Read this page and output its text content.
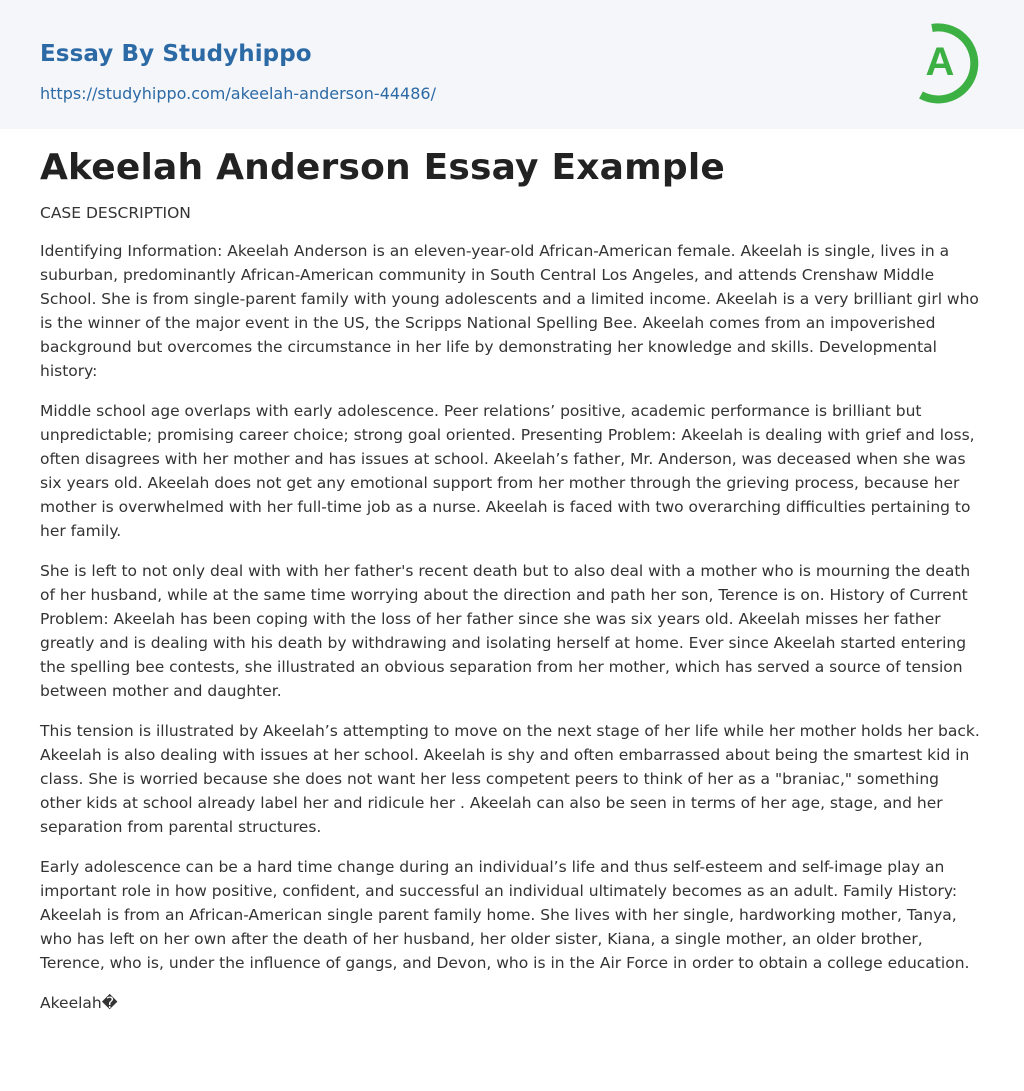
Essay By Studyhippo
https://studyhippo.com/akeelah-anderson-44486/
A
Akeelah Anderson Essay Example

CASE DESCRIPTION

Identifying Information: Akeelah Anderson is an eleven-year-old African-American female. Akeelah is single, lives in a suburban, predominantly African-American community in South Central Los Angeles, and attends Crenshaw Middle School. She is from single-parent family with young adolescents and a limited income. Akeelah is a very brilliant girl who is the winner of the major event in the US, the Scripps National Spelling Bee. Akeelah comes from an impoverished background but overcomes the circumstance in her life by demonstrating her knowledge and skills. Developmental history:

Middle school age overlaps with early adolescence. Peer relations’ positive, academic performance is brilliant but unpredictable; promising career choice; strong goal oriented. Presenting Problem: Akeelah is dealing with grief and loss, often disagrees with her mother and has issues at school. Akeelah’s father, Mr. Anderson, was deceased when she was six years old. Akeelah does not get any emotional support from her mother through the grieving process, because her mother is overwhelmed with her full-time job as a nurse. Akeelah is faced with two overarching difficulties pertaining to her family.

She is left to not only deal with with her father's recent death but to also deal with a mother who is mourning the death of her husband, while at the same time worrying about the direction and path her son, Terence is on. History of Current Problem: Akeelah has been coping with the loss of her father since she was six years old. Akeelah misses her father greatly and is dealing with his death by withdrawing and isolating herself at home. Ever since Akeelah started entering the spelling bee contests, she illustrated an obvious separation from her mother, which has served a source of tension between mother and daughter.

This tension is illustrated by Akeelah’s attempting to move on the next stage of her life while her mother holds her back. Akeelah is also dealing with issues at her school. Akeelah is shy and often embarrassed about being the smartest kid in class. She is worried because she does not want her less competent peers to think of her as a "braniac," something other kids at school already label her and ridicule her . Akeelah can also be seen in terms of her age, stage, and her separation from parental structures.

Early adolescence can be a hard time change during an individual’s life and thus self-esteem and self-image play an important role in how positive, confident, and successful an individual ultimately becomes as an adult. Family History: Akeelah is from an African-American single parent family home. She lives with her single, hardworking mother, Tanya, who has left on her own after the death of her husband, her older sister, Kiana, a single mother, an older brother, Terence, who is, under the influence of gangs, and Devon, who is in the Air Force in order to obtain a college education.

Akeelah�
